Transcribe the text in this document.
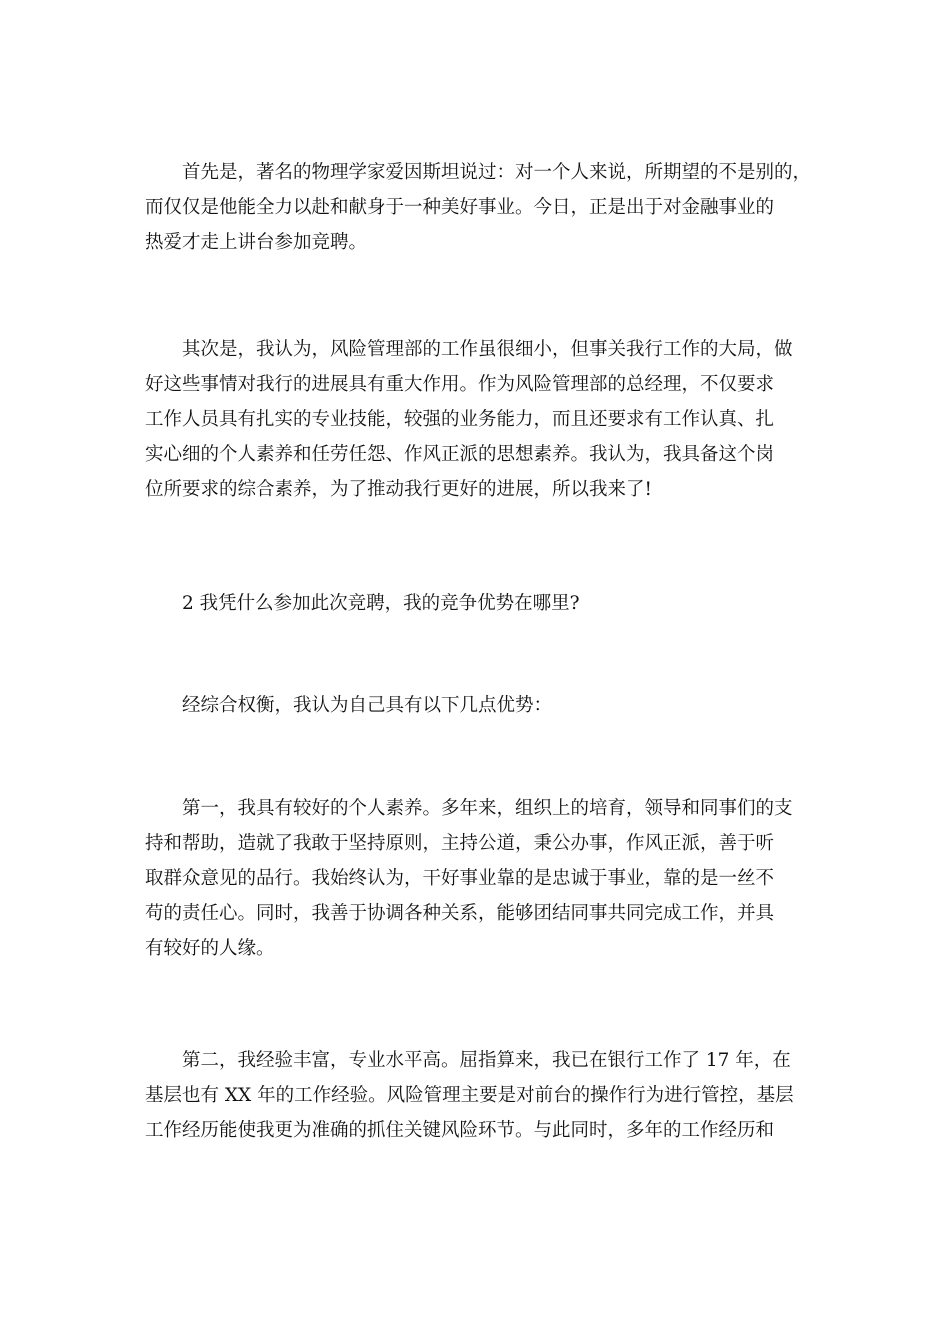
　　首先是，著名的物理学家爱因斯坦说过：对一个人来说，所期望的不是别的，
而仅仅是他能全力以赴和献身于一种美好事业。今日，正是出于对金融事业的
热爱才走上讲台参加竞聘。

　　其次是，我认为，风险管理部的工作虽很细小，但事关我行工作的大局，做
好这些事情对我行的进展具有重大作用。作为风险管理部的总经理，不仅要求
工作人员具有扎实的专业技能，较强的业务能力，而且还要求有工作认真、扎
实心细的个人素养和任劳任怨、作风正派的思想素养。我认为，我具备这个岗
位所要求的综合素养，为了推动我行更好的进展，所以我来了!

　　2 我凭什么参加此次竞聘，我的竞争优势在哪里?

　　经综合权衡，我认为自己具有以下几点优势：

　　第一，我具有较好的个人素养。多年来，组织上的培育，领导和同事们的支
持和帮助，造就了我敢于坚持原则，主持公道，秉公办事，作风正派，善于听
取群众意见的品行。我始终认为，干好事业靠的是忠诚于事业，靠的是一丝不
苟的责任心。同时，我善于协调各种关系，能够团结同事共同完成工作，并具
有较好的人缘。

　　第二，我经验丰富，专业水平高。屈指算来，我已在银行工作了 17 年，在
基层也有 XX 年的工作经验。风险管理主要是对前台的操作行为进行管控，基层
工作经历能使我更为准确的抓住关键风险环节。与此同时，多年的工作经历和
